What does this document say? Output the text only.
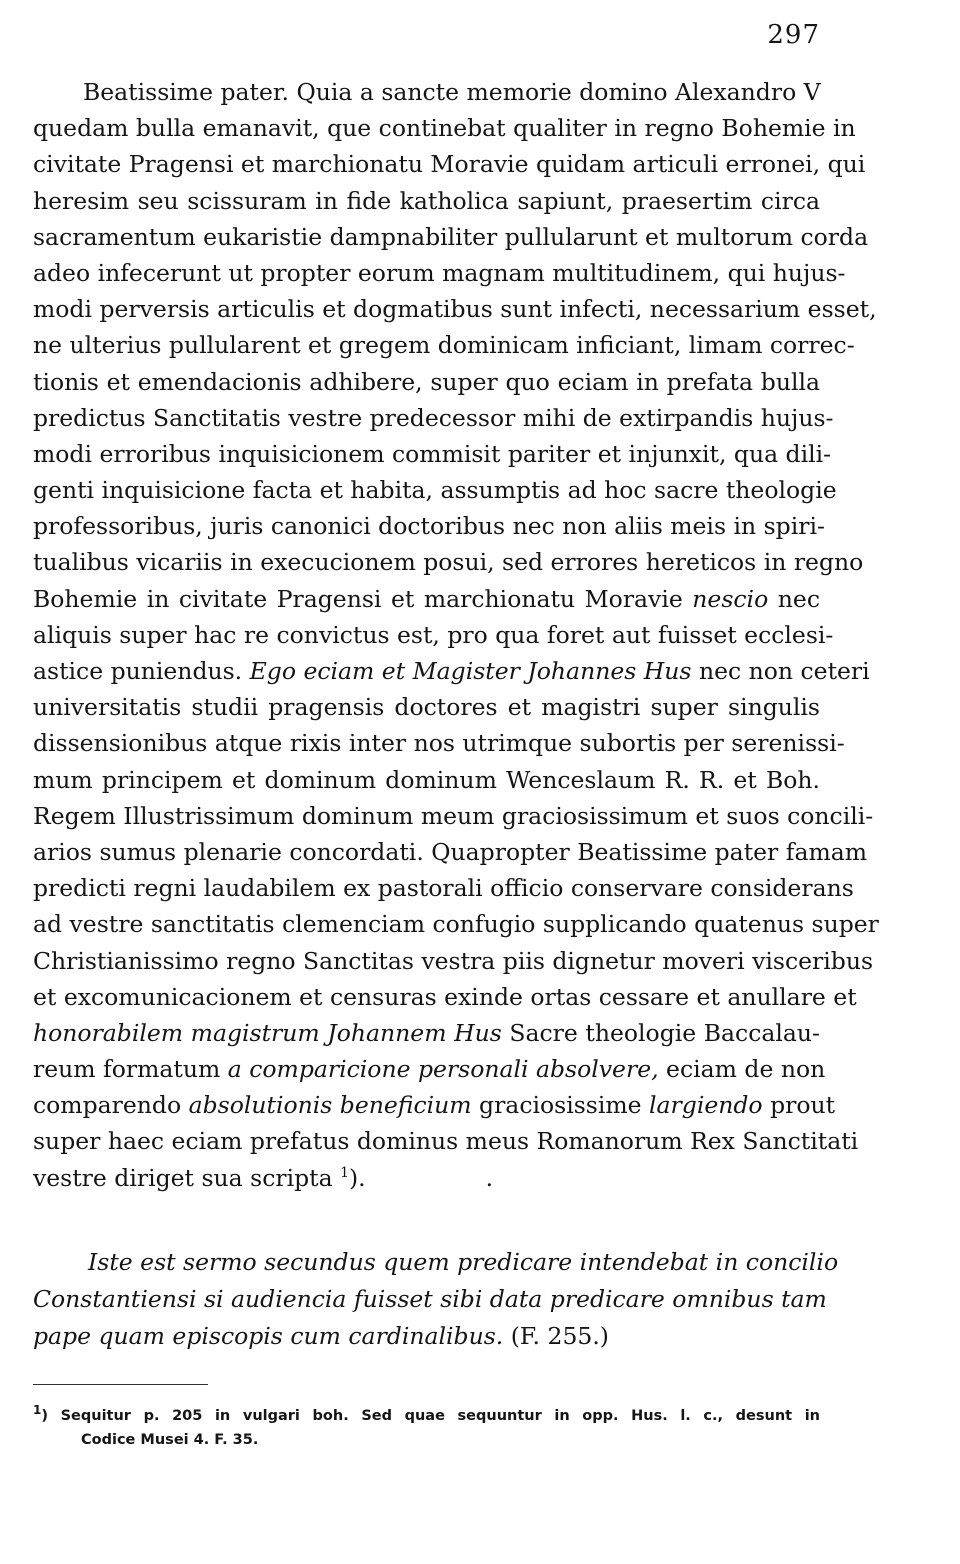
297
Beatissime pater. Quia a sancte memorie domino Alexandro V
quedam bulla emanavit, que continebat qualiter in regno Bohemie in
civitate Pragensi et marchionatu Moravie quidam articuli erronei, qui
heresim seu scissuram in fide katholica sapiunt, praesertim circa
sacramentum eukaristie dampnabiliter pullularunt et multorum corda
adeo infecerunt ut propter eorum magnam multitudinem, qui hujus-
modi perversis articulis et dogmatibus sunt infecti, necessarium esset,
ne ulterius pullularent et gregem dominicam inficiant, limam correc-
tionis et emendacionis adhibere, super quo eciam in prefata bulla
predictus Sanctitatis vestre predecessor mihi de extirpandis hujus-
modi erroribus inquisicionem commisit pariter et injunxit, qua dili-
genti inquisicione facta et habita, assumptis ad hoc sacre theologie
professoribus, juris canonici doctoribus nec non aliis meis in spiri-
tualibus vicariis in execucionem posui, sed errores hereticos in regno
Bohemie in civitate Pragensi et marchionatu Moravie nescio nec
aliquis super hac re convictus est, pro qua foret aut fuisset ecclesi-
astice puniendus. Ego eciam et Magister Johannes Hus nec non ceteri
universitatis studii pragensis doctores et magistri super singulis
dissensionibus atque rixis inter nos utrimque subortis per serenissi-
mum principem et dominum dominum Wenceslaum R. R. et Boh.
Regem Illustrissimum dominum meum graciosissimum et suos concili-
arios sumus plenarie concordati. Quapropter Beatissime pater famam
predicti regni laudabilem ex pastorali officio conservare considerans
ad vestre sanctitatis clemenciam confugio supplicando quatenus super
Christianissimo regno Sanctitas vestra piis dignetur moveri visceribus
et excomunicacionem et censuras exinde ortas cessare et anullare et
honorabilem magistrum Johannem Hus Sacre theologie Baccalau-
reum formatum a comparicione personali absolvere, eciam de non
comparendo absolutionis beneficium graciosissime largiendo prout
super haec eciam prefatus dominus meus Romanorum Rex Sanctitati
vestre diriget sua scripta $^1$).	.
Iste est sermo secundus quem predicare intendebat in concilio
Constantiensi si audiencia fuisset sibi data predicare omnibus tam
pape quam episcopis cum cardinalibus. (F. 255.)
$^1$) Sequitur p. 205 in vulgari boh. Sed quae sequuntur in opp. Hus. l. c., desunt in
Codice Musei 4. F. 35.
